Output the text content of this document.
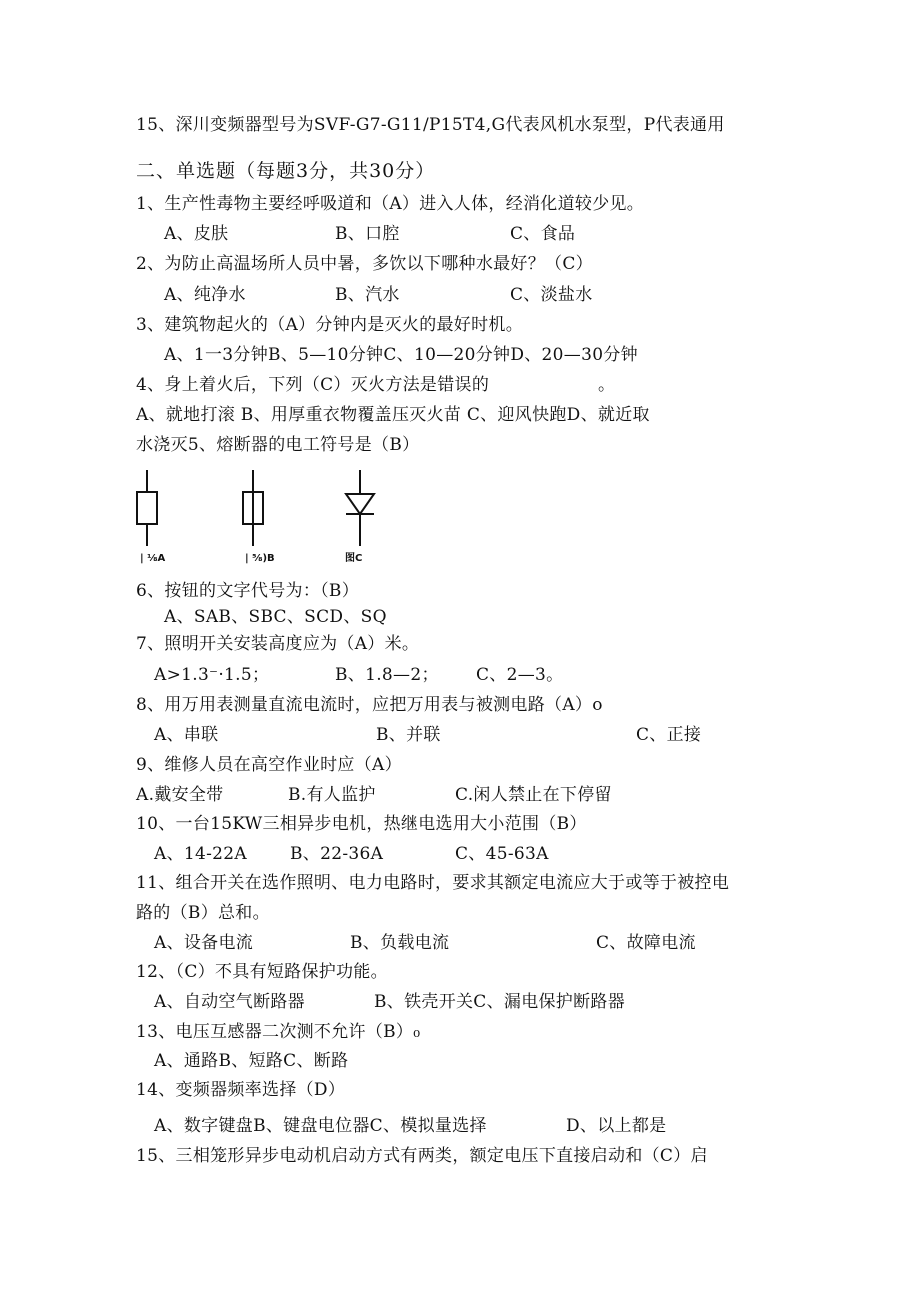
15、深川变频器型号为SVF-G7-G11/P15T4,G代表风机水泵型，P代表通用
二、单选题（每题3分，共30分）
1、生产性毒物主要经呼吸道和（A）进入人体，经消化道较少见。
A、皮肤	B、口腔	C、食品
2、为防止高温场所人员中暑，多饮以下哪种水最好？（C）
A、纯净水	B、汽水	C、淡盐水
3、建筑物起火的（A）分钟内是灭火的最好时机。
A、1一3分钟B、5—10分钟C、10—20分钟D、20—30分钟
4、身上着火后，下列（C）灭火方法是错误的	。
A、就地打滚 B、用厚重衣物覆盖压灭火苗 C、迎风快跑D、就近取
水浇灭5、熔断器的电工符号是（B）
| ⅛A	| ⅝)B	图C
6、按钮的文字代号为：（B）
A、SAB、SBC、SCD、SQ
7、照明开关安装高度应为（A）米。
A>1.3⁻·1.5；	B、1.8—2； C、2—3。
8、用万用表测量直流电流时，应把万用表与被测电路（A）o
A、串联	B、并联	C、正接
9、维修人员在高空作业时应（A）
A.戴安全带	B.有人监护	C.闲人禁止在下停留
10、一台15KW三相异步电机，热继电选用大小范围（B）
A、14-22A	B、22-36A	C、45-63A
11、组合开关在选作照明、电力电路时，要求其额定电流应大于或等于被控电
路的（B）总和。
A、设备电流	B、负载电流	C、故障电流
12、（C）不具有短路保护功能。
A、自动空气断路器	B、铁壳开关C、漏电保护断路器
13、电压互感器二次测不允许（B）₀
A、通路B、短路C、断路
14、变频器频率选择（D）
A、数字键盘B、键盘电位器C、模拟量选择	D、以上都是
15、三相笼形异步电动机启动方式有两类，额定电压下直接启动和（C）启
